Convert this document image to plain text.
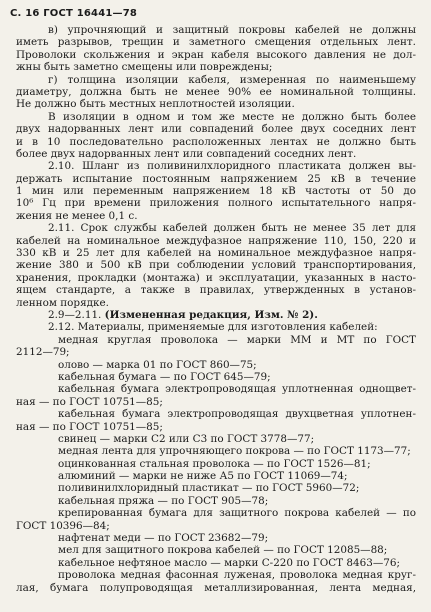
С. 16 ГОСТ 16441—78
в) упрочняющий и защитный покровы кабелей не должны
иметь разрывов, трещин и заметного смещения отдельных лент.
Проволоки скольжения и экран кабеля высокого давления не дол-
жны быть заметно смещены или повреждены;
г) толщина изоляции кабеля, измеренная по наименьшему
диаметру, должна быть не менее 90% ее номинальной толщины.
Не должно быть местных неплотностей изоляции.
В изоляции в одном и том же месте не должно быть более
двух надорванных лент или совпадений более двух соседних лент
и в 10 последовательно расположенных лентах не должно быть
более двух надорванных лент или совпадений соседних лент.
2.10. Шланг из поливинилхлоридного пластиката должен вы-
держать испытание постоянным напряжением 25 кВ в течение
1 мин или переменным напряжением 18 кВ частоты от 50 до
10⁶ Гц при времени приложения полного испытательного напря-
жения не менее 0,1 с.
2.11. Срок службы кабелей должен быть не менее 35 лет для
кабелей на номинальное междуфазное напряжение 110, 150, 220 и
330 кВ и 25 лет для кабелей на номинальное междуфазное напря-
жение 380 и 500 кВ при соблюдении условий транспортирования,
хранения, прокладки (монтажа) и эксплуатации, указанных в насто-
ящем стандарте, а также в правилах, утвержденных в установ-
ленном порядке.
2.9—2.11. (Измененная редакция, Изм. № 2).
2.12. Материалы, применяемые для изготовления кабелей:
медная круглая проволока — марки ММ и МТ по ГОСТ
2112—79;
олово — марка 01 по ГОСТ 860—75;
кабельная бумага — по ГОСТ 645—79;
кабельная бумага электропроводящая уплотненная однощвет-
ная — по ГОСТ 10751—85;
кабельная бумага электропроводящая двухцветная уплотнен-
ная — по ГОСТ 10751—85;
свинец — марки С2 или С3 по ГОСТ 3778—77;
медная лента для упрочняющего покрова — по ГОСТ 1173—77;
оцинкованная стальная проволока — по ГОСТ 1526—81;
алюминий — марки не ниже А5 по ГОСТ 11069—74;
поливинилхлоридный пластикат — по ГОСТ 5960—72;
кабельная пряжа — по ГОСТ 905—78;
крепированная бумага для защитного покрова кабелей — по
ГОСТ 10396—84;
нафтенат меди — по ГОСТ 23682—79;
мел для защитного покрова кабелей — по ГОСТ 12085—88;
кабельное нефтяное масло — марки С-220 по ГОСТ 8463—76;
проволока медная фасонная луженая, проволока медная круг-
лая, бумага полупроводящая металлизированная, лента медная,
